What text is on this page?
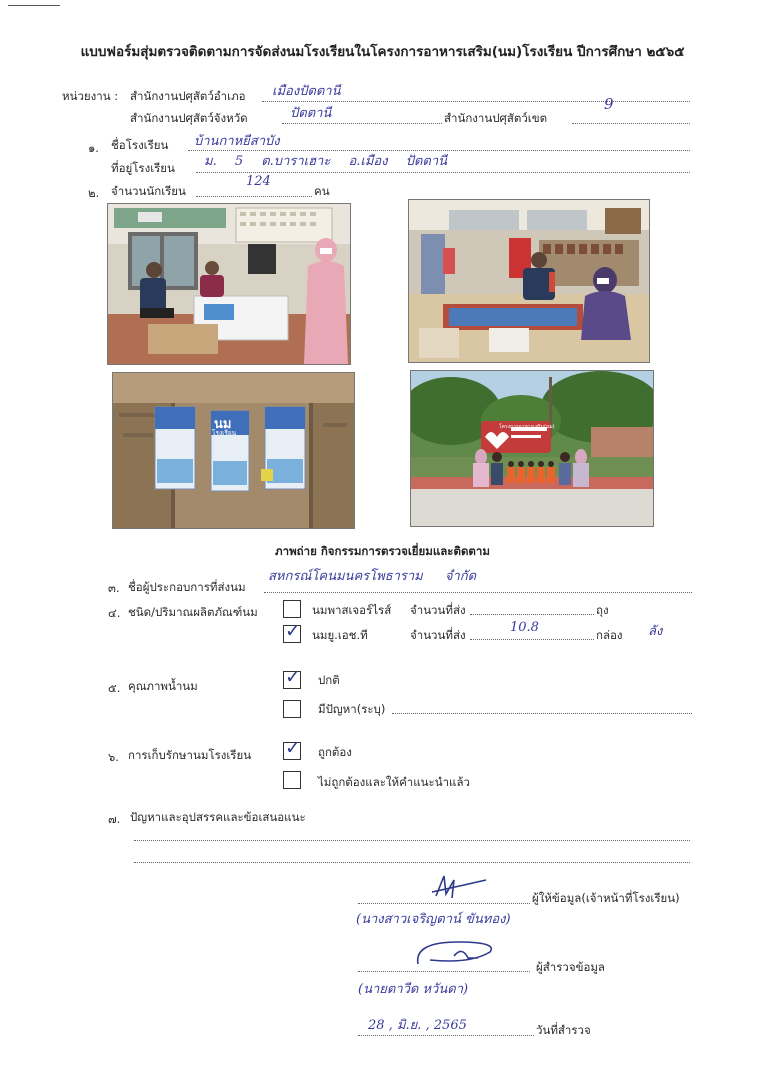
แบบฟอร์มสุ่มตรวจติดตามการจัดส่งนมโรงเรียนในโครงการอาหารเสริม(นม)โรงเรียน ปีการศึกษา ๒๕๖๕
หน่วยงาน : สำนักงานปศุสัตว์อำเภอ เมืองปัตตานี
สำนักงานปศุสัตว์จังหวัด	ปัตตานี	สำนักงานปศุสัตว์เขต
9
๑. ชื่อโรงเรียน บ้านกาหยีสาบัง
ที่อยู่โรงเรียน ม. 5 ต.บาราเฮาะ อ.เมือง ปัตตานี
๒. จำนวนนักเรียน
124
คน
นม
โรงเรียน
โครงการอาหารเสริม(นม)
ภาพถ่าย กิจกรรมการตรวจเยี่ยมและติดตาม
๓. ชื่อผู้ประกอบการที่ส่งนม
สหกรณ์โคนมนครโพธาราม จำกัด
๔. ชนิด/ปริมาณผลิตภัณฑ์นม	นมพาสเจอร์ไรส์ จำนวนที่ส่ง	ถุง
✓ นมยู.เอช.ที	จำนวนที่ส่ง	10.8	กล่อง ลัง
๕. คุณภาพน้ำนม	✓ ปกติ
มีปัญหา(ระบุ)
๖. การเก็บรักษานมโรงเรียน ✓ ถูกต้อง
ไม่ถูกต้องและให้คำแนะนำแล้ว
๗. ปัญหาและอุปสรรคและข้อเสนอแนะ
ผู้ให้ข้อมูล(เจ้าหน้าที่โรงเรียน)
(นางสาวเจริญตาน์ ขันทอง)
ผู้สำรวจข้อมูล
(นายตาวีด หวันดา)
28 , มิ.ย. , 2565	วันที่สำรวจ
